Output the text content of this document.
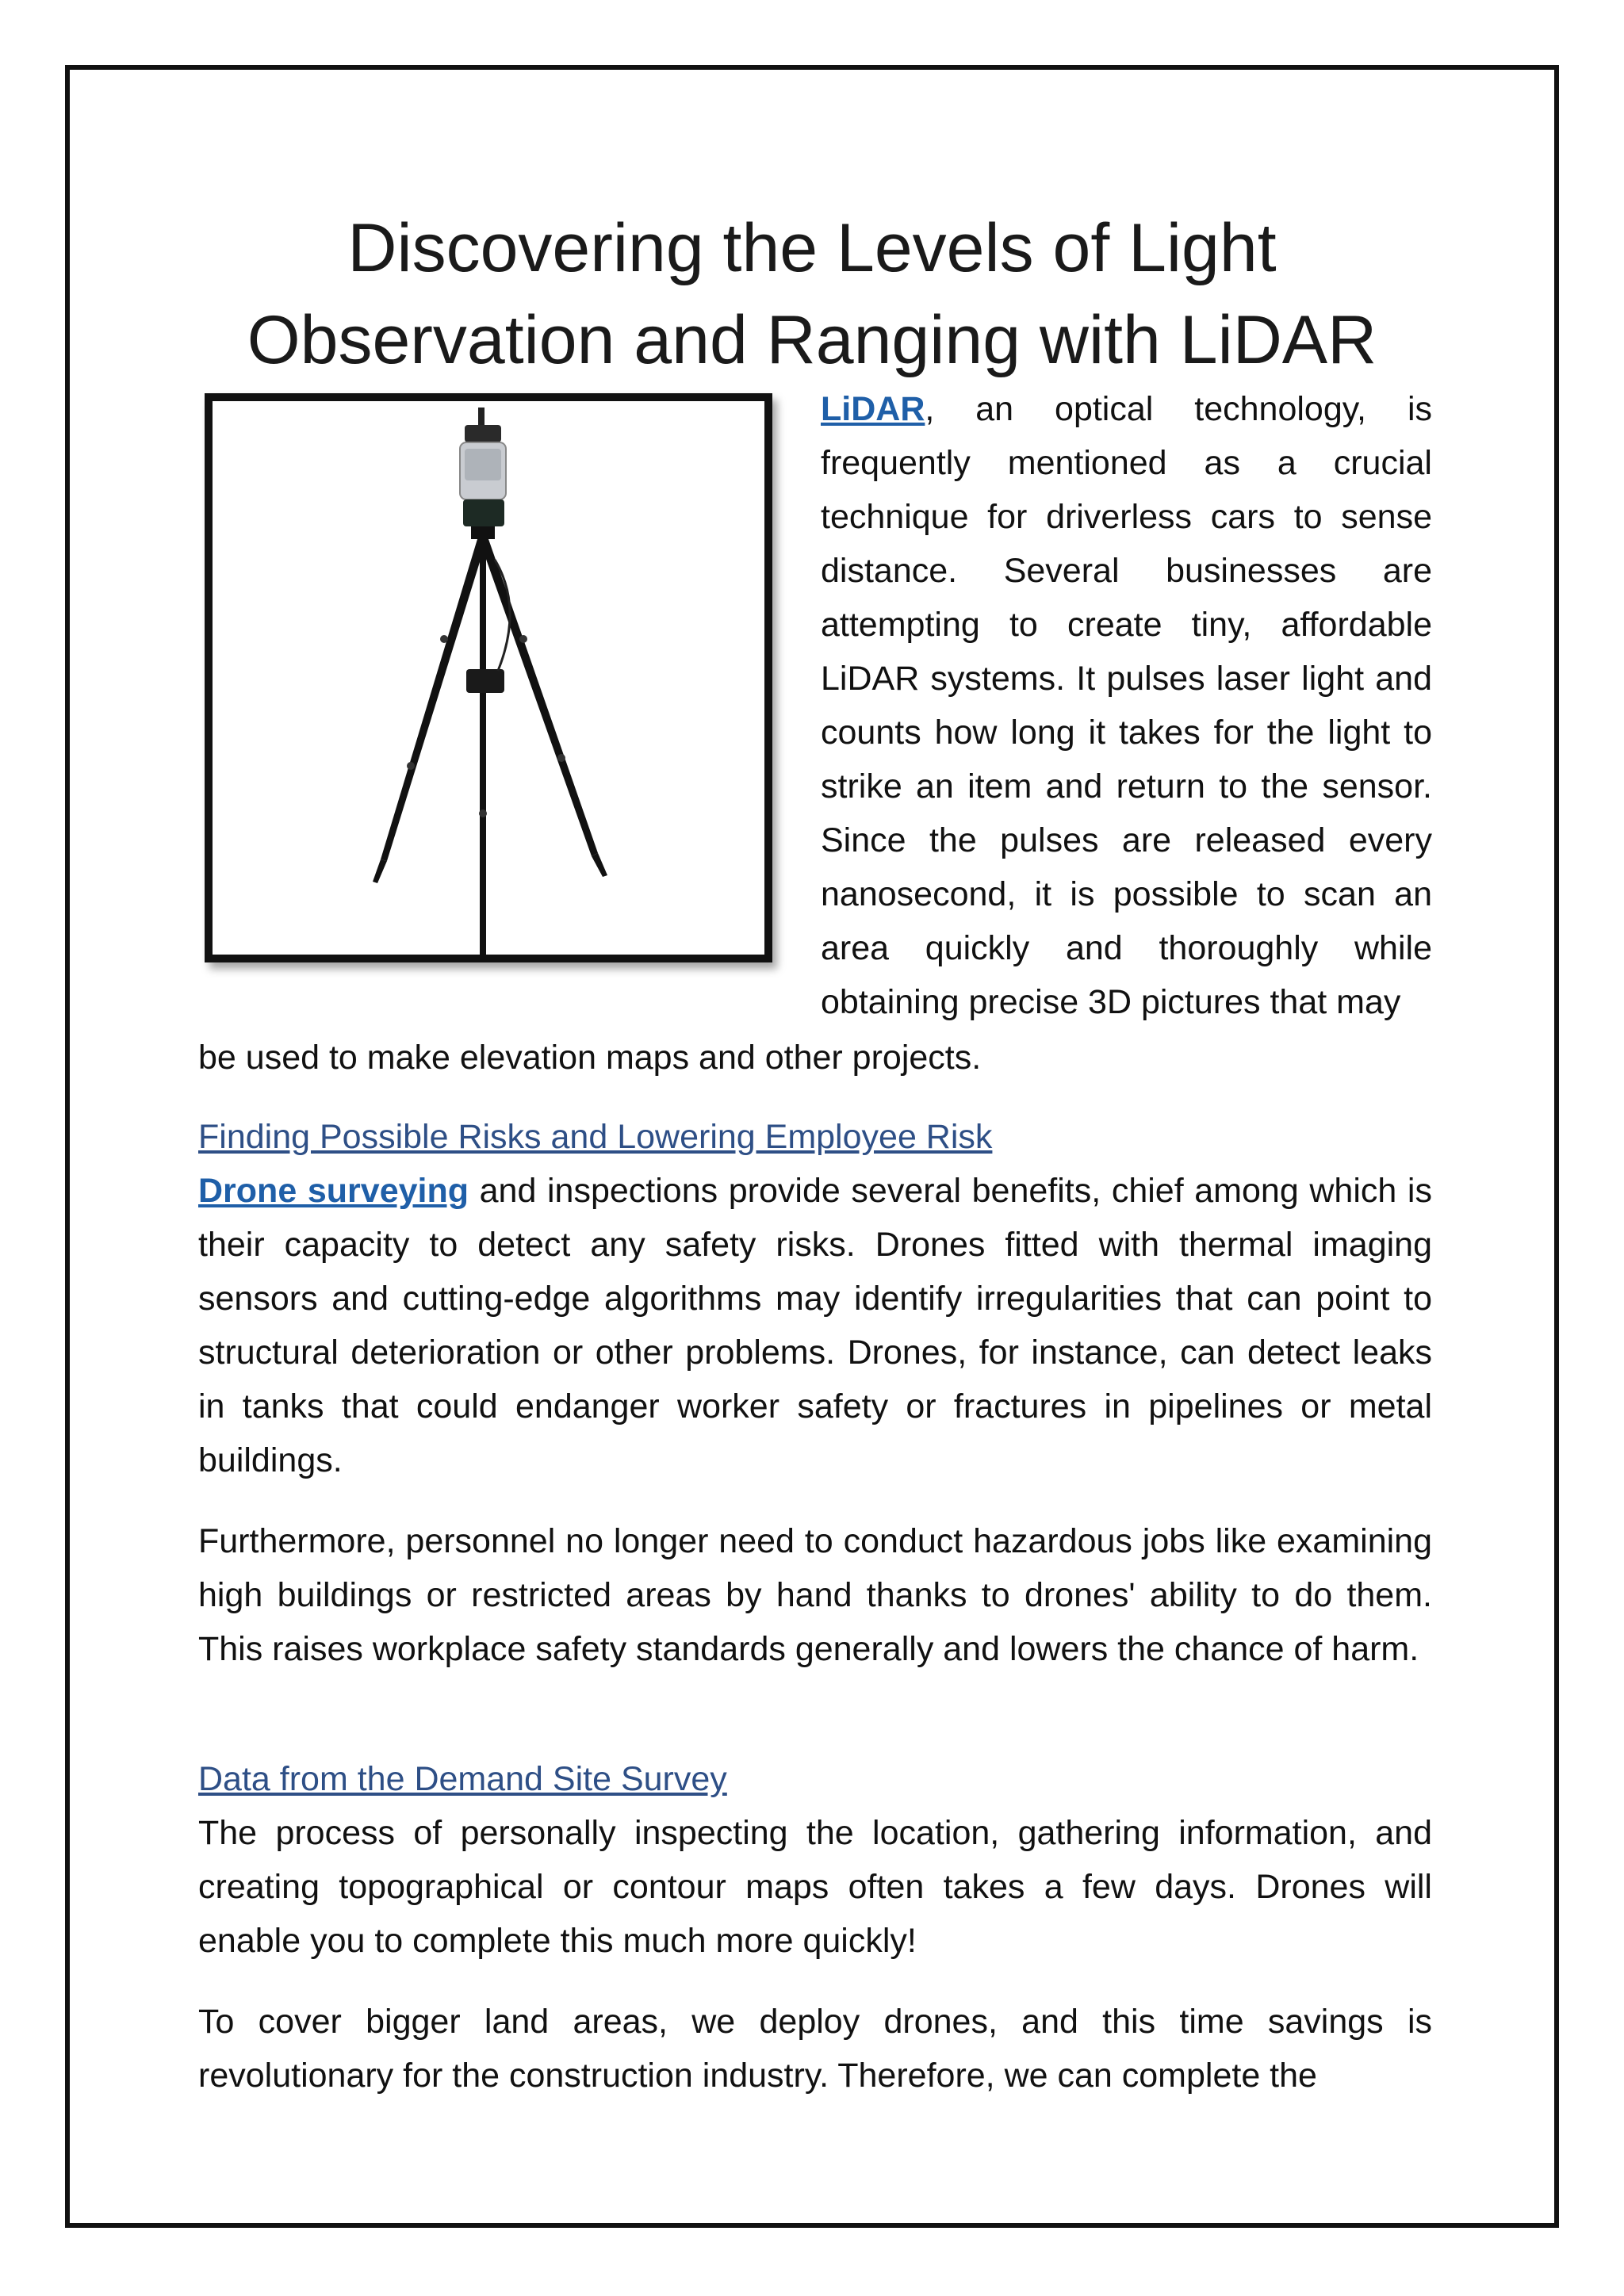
Discovering the Levels of Light
Observation and Ranging with LiDAR
LiDAR, an optical technology, is frequently mentioned as a crucial technique for driverless cars to sense distance. Several businesses are attempting to create tiny, affordable LiDAR systems. It pulses laser light and counts how long it takes for the light to strike an item and return to the sensor. Since the pulses are released every nanosecond, it is possible to scan an area quickly and thoroughly while obtaining precise 3D pictures that may
be used to make elevation maps and other projects.
Finding Possible Risks and Lowering Employee Risk

Drone surveying and inspections provide several benefits, chief among which is their capacity to detect any safety risks. Drones fitted with thermal imaging sensors and cutting-edge algorithms may identify irregularities that can point to structural deterioration or other problems. Drones, for instance, can detect leaks in tanks that could endanger worker safety or fractures in pipelines or metal buildings.

Furthermore, personnel no longer need to conduct hazardous jobs like examining high buildings or restricted areas by hand thanks to drones' ability to do them. This raises workplace safety standards generally and lowers the chance of harm.

Data from the Demand Site Survey

The process of personally inspecting the location, gathering information, and creating topographical or contour maps often takes a few days. Drones will enable you to complete this much more quickly!

To cover bigger land areas, we deploy drones, and this time savings is revolutionary for the construction industry. Therefore, we can complete the
